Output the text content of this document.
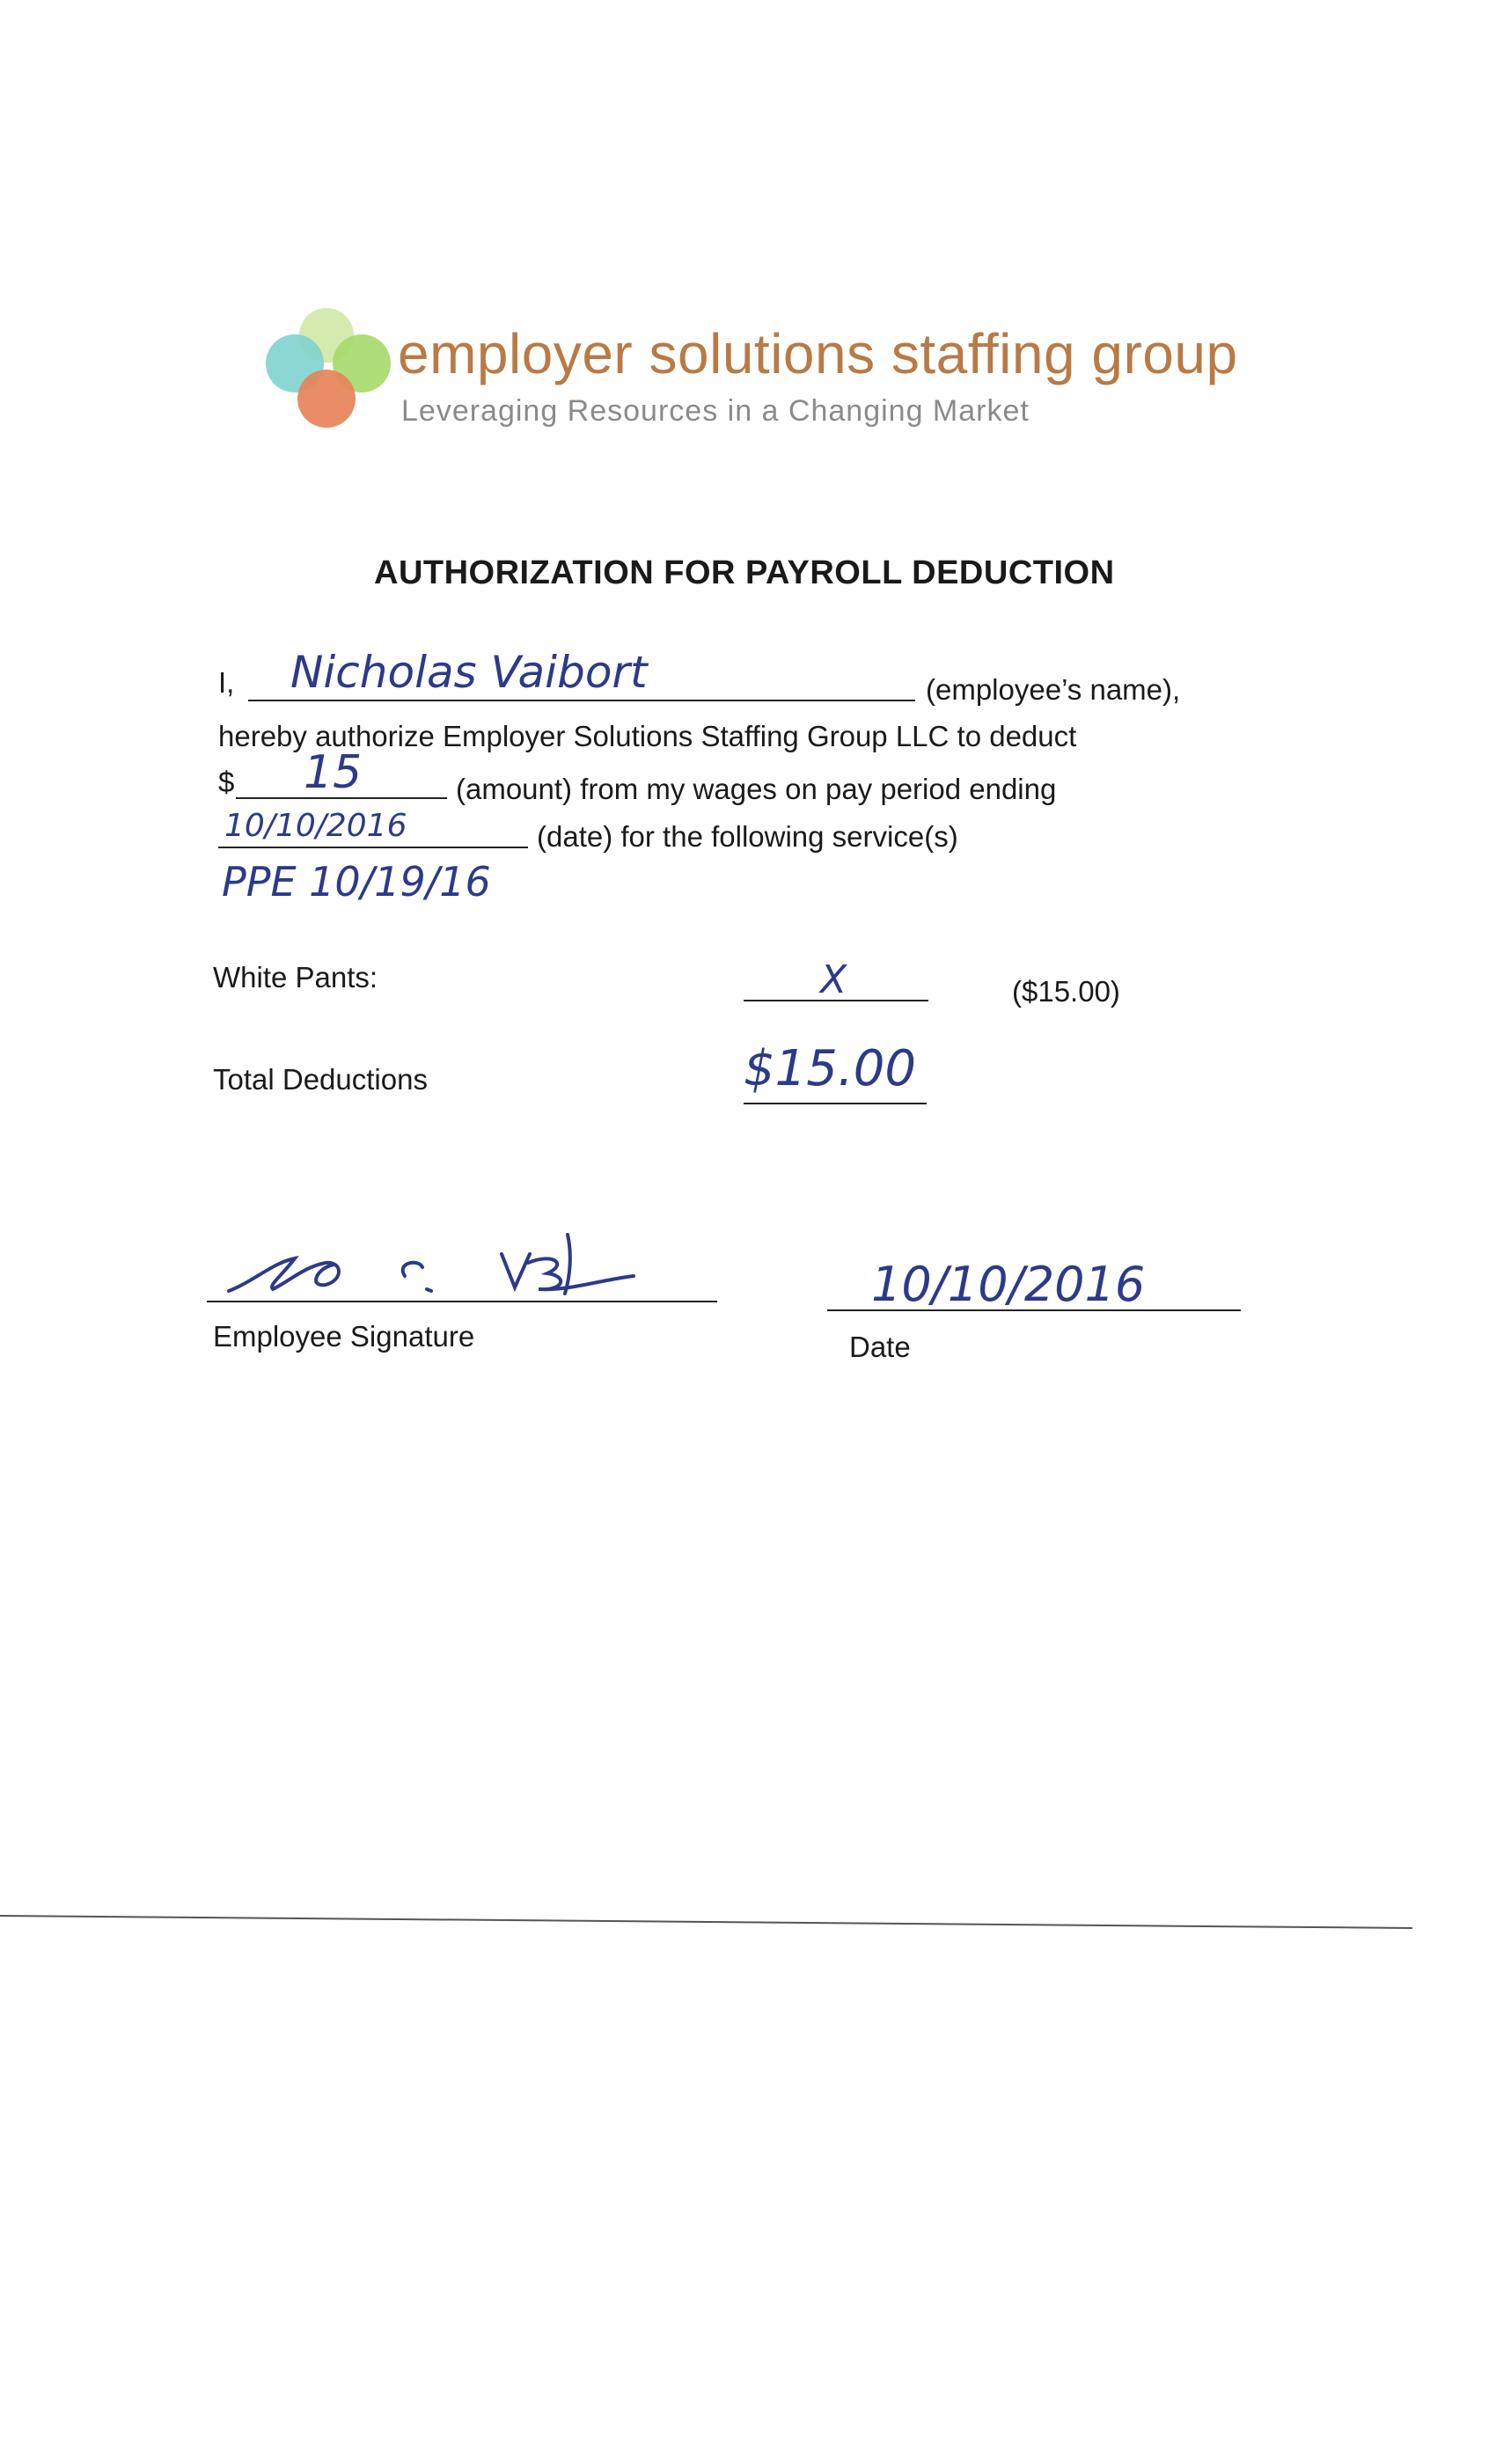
employer solutions staffing group
Leveraging Resources in a Changing Market
AUTHORIZATION FOR PAYROLL DEDUCTION
I, Nicholas Vaibort	(employee’s name),
hereby authorize Employer Solutions Staffing Group LLC to deduct
$ 15	(amount) from my wages on pay period ending
10/10/2016	(date) for the following service(s)
PPE 10/19/16
White Pants:	X	($15.00)
Total Deductions	$15.00
Employee Signature
10/10/2016
Date
